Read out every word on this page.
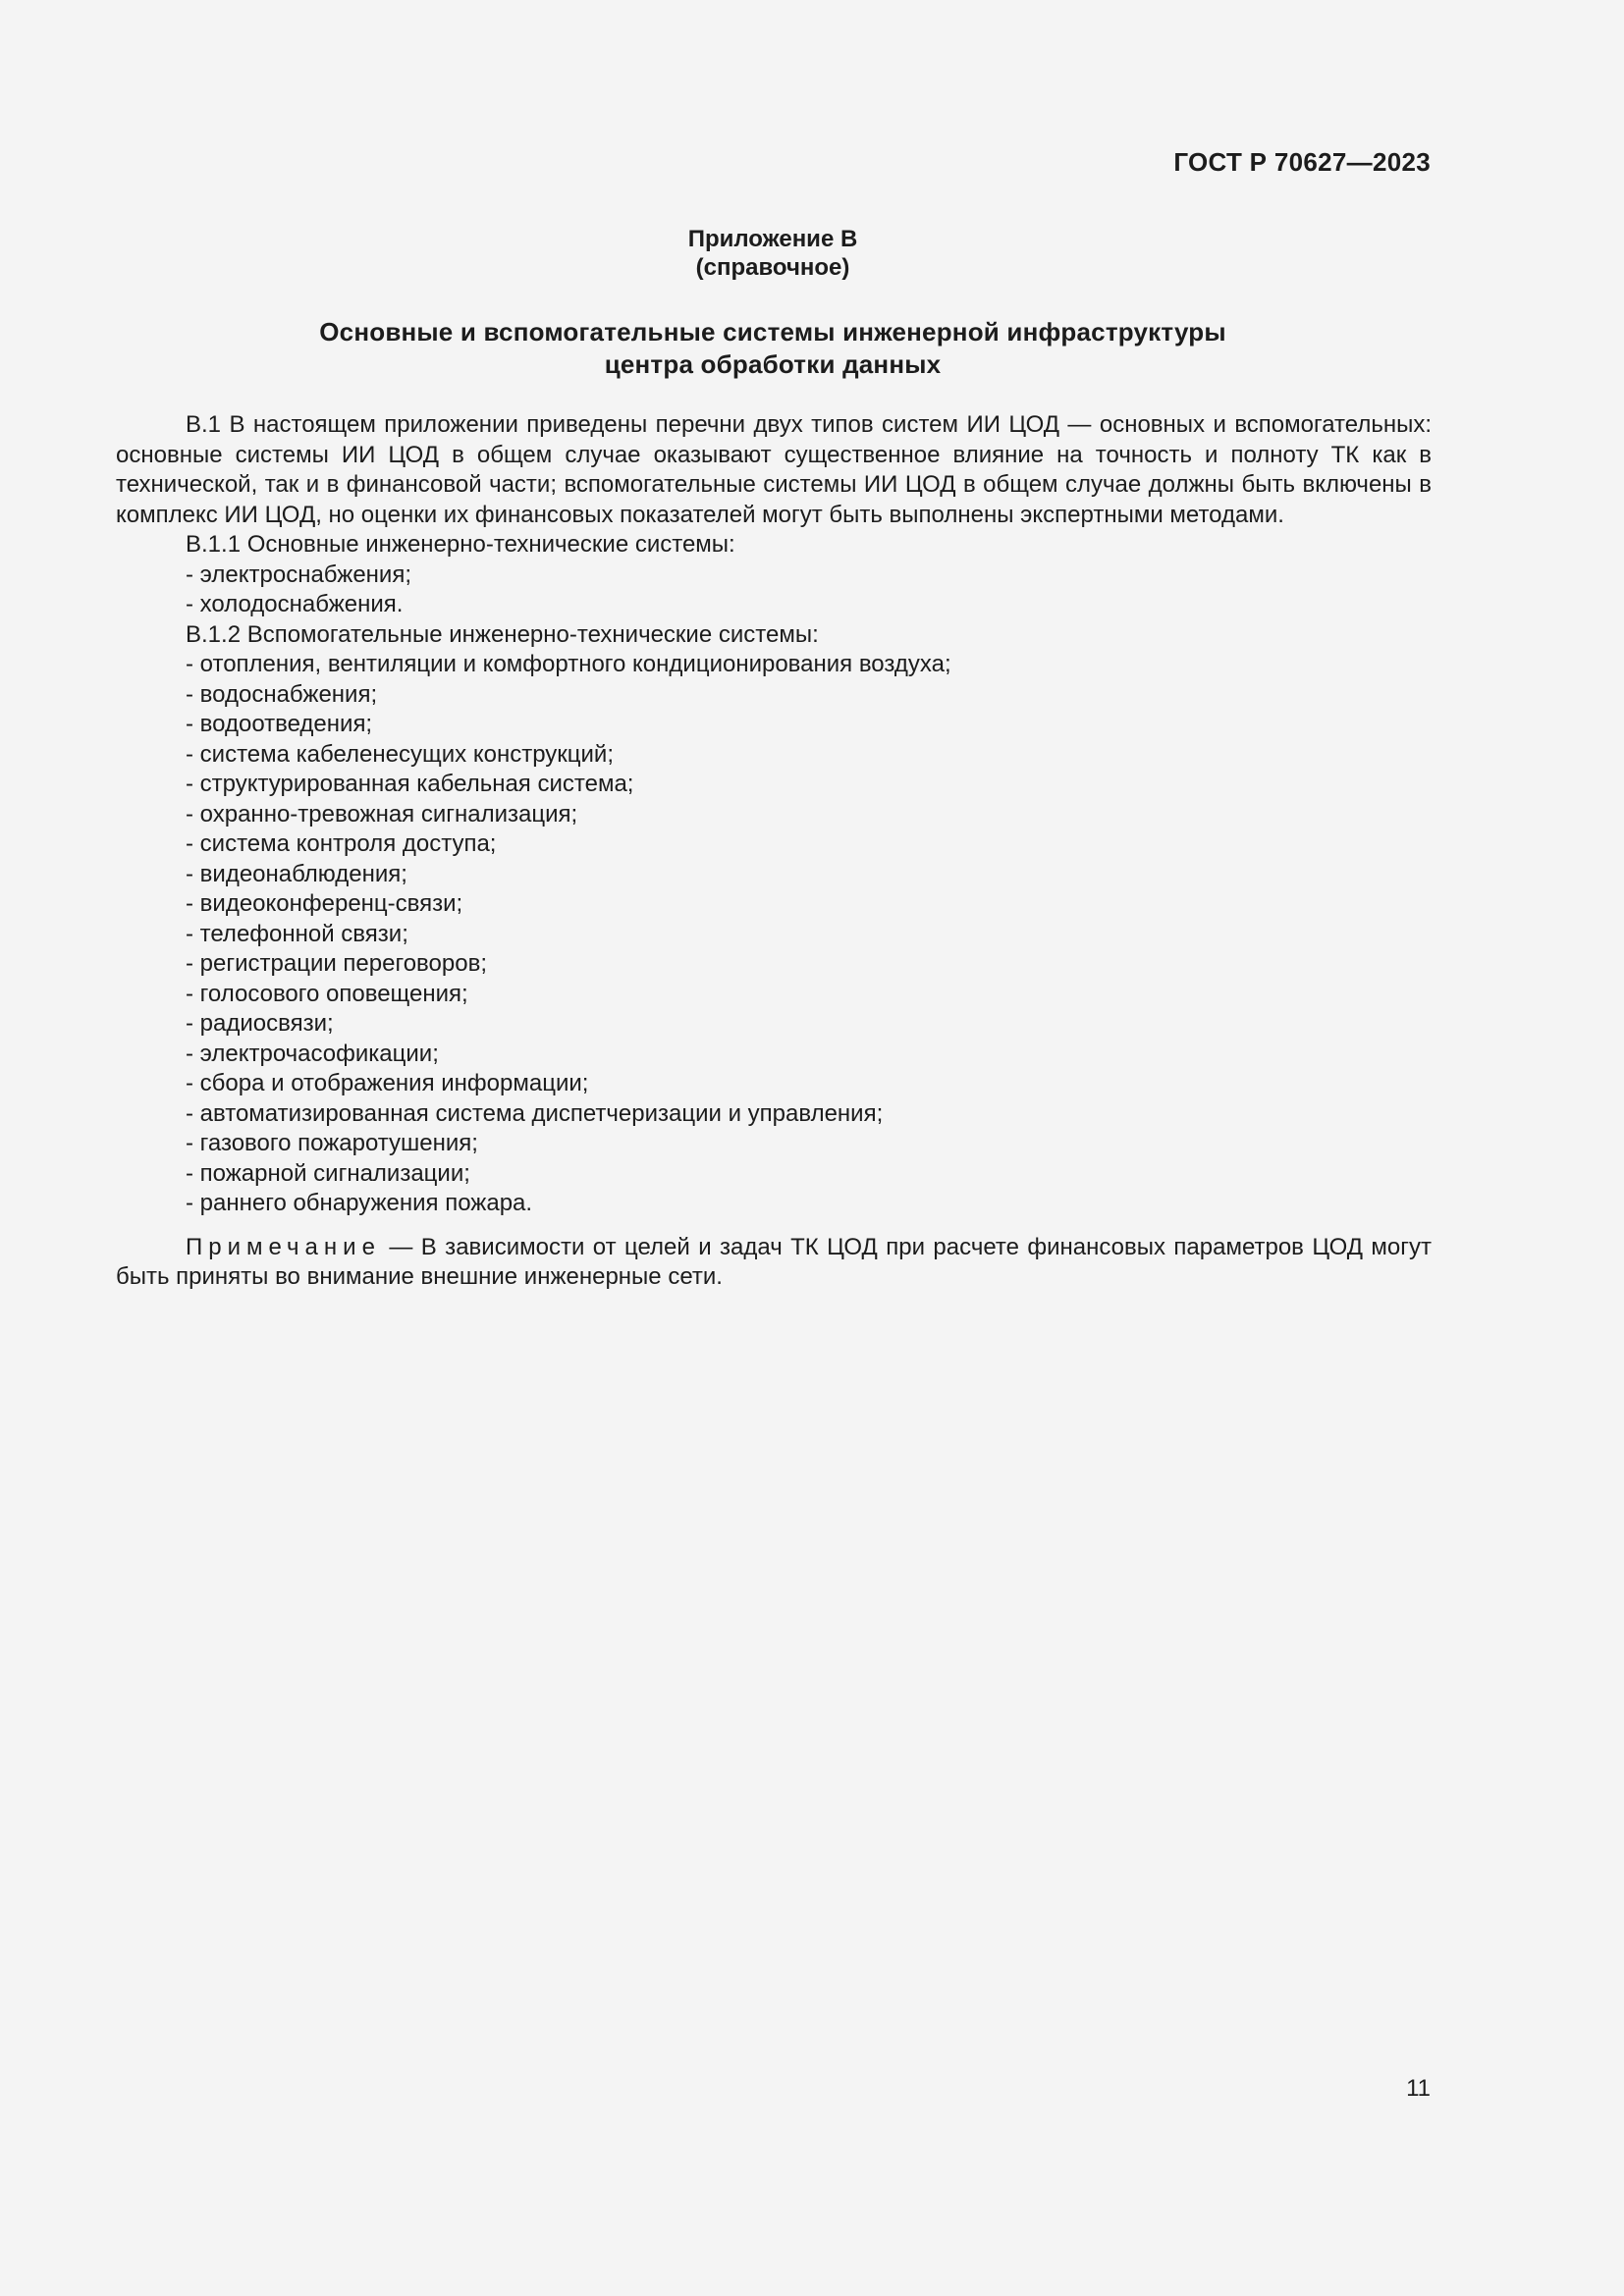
ГОСТ Р 70627—2023
Приложение В
(справочное)
Основные и вспомогательные системы инженерной инфраструктуры
центра обработки данных

В.1 В настоящем приложении приведены перечни двух типов систем ИИ ЦОД — основных и вспомогательных: основные системы ИИ ЦОД в общем случае оказывают существенное влияние на точность и полноту ТК как в технической, так и в финансовой части; вспомогательные системы ИИ ЦОД в общем случае должны быть включены в комплекс ИИ ЦОД, но оценки их финансовых показателей могут быть выполнены экспертными методами.

В.1.1 Основные инженерно-технические системы:
- электроснабжения;
- холодоснабжения.
В.1.2 Вспомогательные инженерно-технические системы:
- отопления, вентиляции и комфортного кондиционирования воздуха;
- водоснабжения;
- водоотведения;
- система кабеленесущих конструкций;
- структурированная кабельная система;
- охранно-тревожная сигнализация;
- система контроля доступа;
- видеонаблюдения;
- видеоконференц-связи;
- телефонной связи;
- регистрации переговоров;
- голосового оповещения;
- радиосвязи;
- электрочасофикации;
- сбора и отображения информации;
- автоматизированная система диспетчеризации и управления;
- газового пожаротушения;
- пожарной сигнализации;
- раннего обнаружения пожара.

Примечание — В зависимости от целей и задач ТК ЦОД при расчете финансовых параметров ЦОД могут быть приняты во внимание внешние инженерные сети.

11
